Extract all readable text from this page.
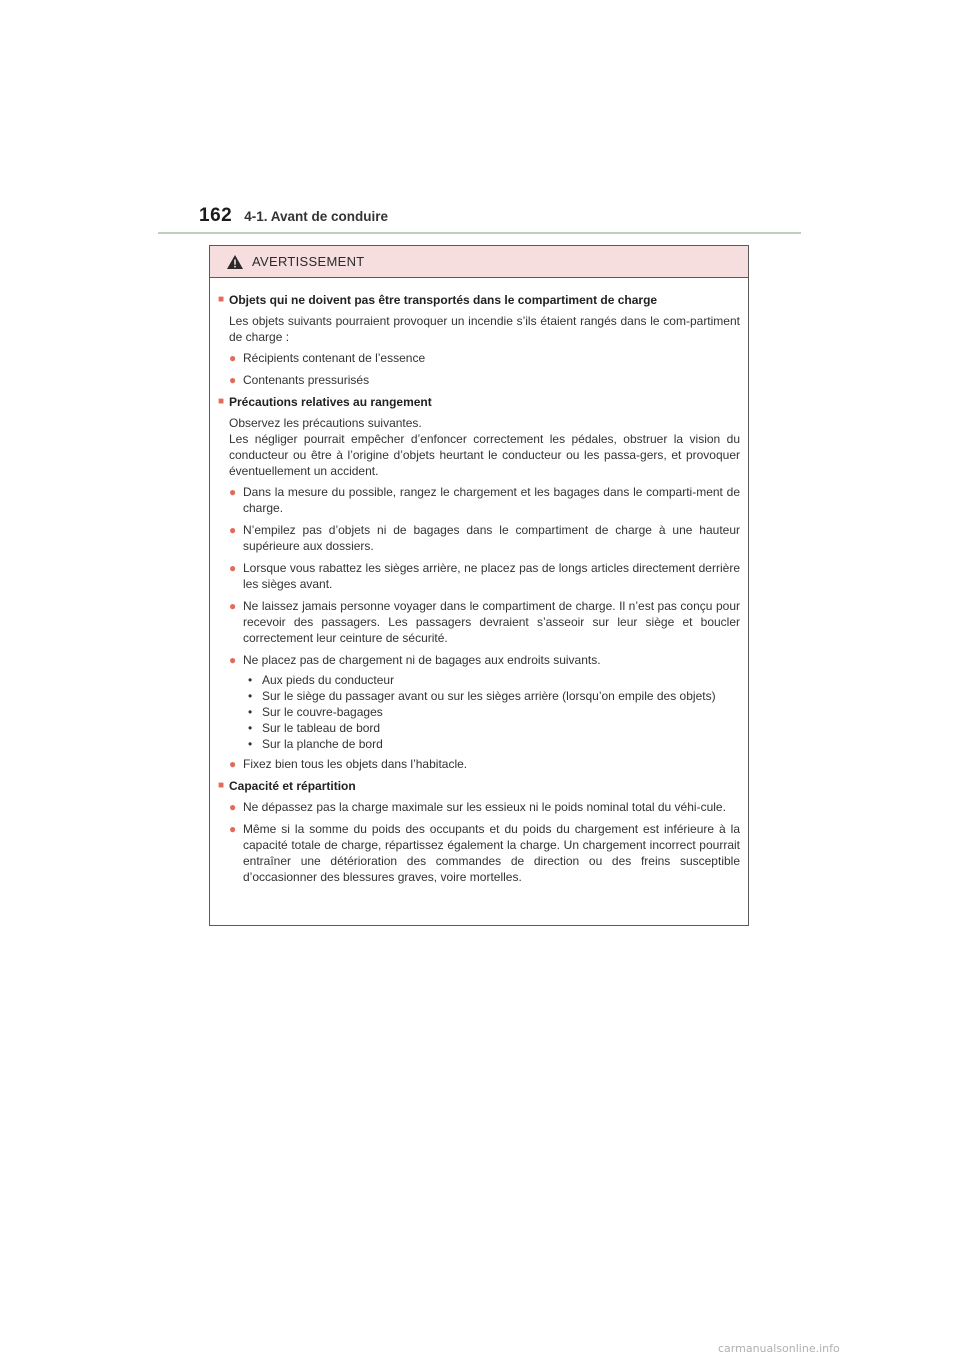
162 4-1. Avant de conduire
AVERTISSEMENT
■ Objets qui ne doivent pas être transportés dans le compartiment de charge
Les objets suivants pourraient provoquer un incendie s’ils étaient rangés dans le com-partiment de charge :
● Récipients contenant de l’essence
● Contenants pressurisés
■ Précautions relatives au rangement
Observez les précautions suivantes.
Les négliger pourrait empêcher d’enfoncer correctement les pédales, obstruer la vision du conducteur ou être à l’origine d’objets heurtant le conducteur ou les passa-gers, et provoquer éventuellement un accident.
● Dans la mesure du possible, rangez le chargement et les bagages dans le comparti-ment de charge.
● N’empilez pas d’objets ni de bagages dans le compartiment de charge à une hauteur supérieure aux dossiers.
● Lorsque vous rabattez les sièges arrière, ne placez pas de longs articles directement derrière les sièges avant.
● Ne laissez jamais personne voyager dans le compartiment de charge. Il n’est pas conçu pour recevoir des passagers. Les passagers devraient s’asseoir sur leur siège et boucler correctement leur ceinture de sécurité.
● Ne placez pas de chargement ni de bagages aux endroits suivants.
• Aux pieds du conducteur
• Sur le siège du passager avant ou sur les sièges arrière (lorsqu’on empile des objets)
• Sur le couvre-bagages
• Sur le tableau de bord
• Sur la planche de bord
● Fixez bien tous les objets dans l’habitacle.
■ Capacité et répartition
● Ne dépassez pas la charge maximale sur les essieux ni le poids nominal total du véhi-cule.
● Même si la somme du poids des occupants et du poids du chargement est inférieure à la capacité totale de charge, répartissez également la charge. Un chargement incorrect pourrait entraîner une détérioration des commandes de direction ou des freins susceptible d’occasionner des blessures graves, voire mortelles.
carmanualsonline.info
